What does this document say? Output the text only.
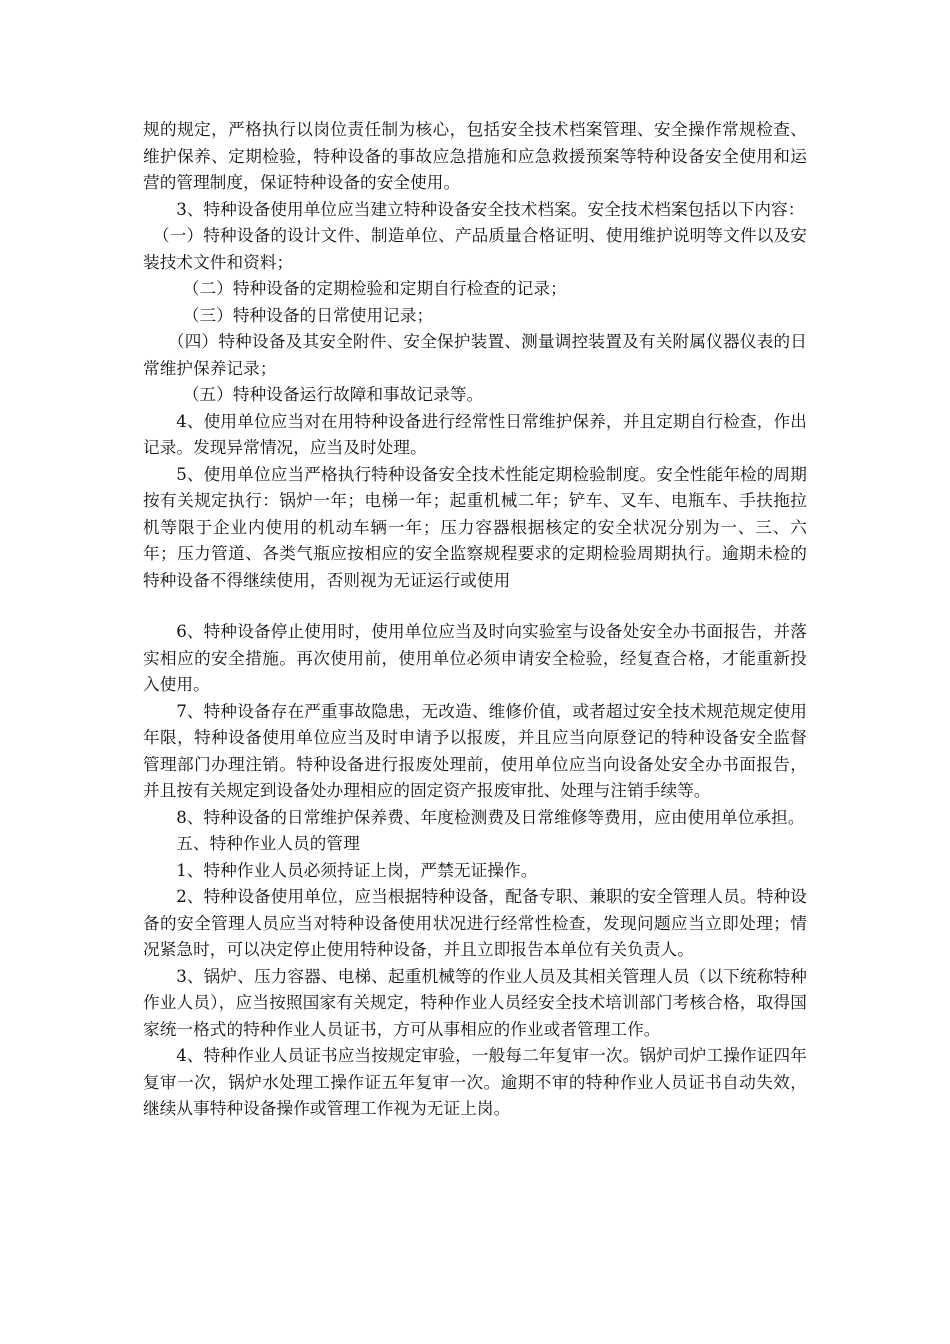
规的规定，严格执行以岗位责任制为核心，包括安全技术档案管理、安全操作常规检查、维护保养、定期检验，特种设备的事故应急措施和应急救援预案等特种设备安全使用和运营的管理制度，保证特种设备的安全使用。

3、特种设备使用单位应当建立特种设备安全技术档案。安全技术档案包括以下内容：

（一）特种设备的设计文件、制造单位、产品质量合格证明、使用维护说明等文件以及安装技术文件和资料；

（二）特种设备的定期检验和定期自行检查的记录；

（三）特种设备的日常使用记录；

（四）特种设备及其安全附件、安全保护装置、测量调控装置及有关附属仪器仪表的日常维护保养记录；

（五）特种设备运行故障和事故记录等。

4、使用单位应当对在用特种设备进行经常性日常维护保养，并且定期自行检查，作出记录。发现异常情况，应当及时处理。

5、使用单位应当严格执行特种设备安全技术性能定期检验制度。安全性能年检的周期按有关规定执行：锅炉一年；电梯一年；起重机械二年；铲车、叉车、电瓶车、手扶拖拉机等限于企业内使用的机动车辆一年；压力容器根据核定的安全状况分别为一、三、六年；压力管道、各类气瓶应按相应的安全监察规程要求的定期检验周期执行。逾期未检的特种设备不得继续使用，否则视为无证运行或使用

6、特种设备停止使用时，使用单位应当及时向实验室与设备处安全办书面报告，并落实相应的安全措施。再次使用前，使用单位必须申请安全检验，经复查合格，才能重新投入使用。

7、特种设备存在严重事故隐患，无改造、维修价值，或者超过安全技术规范规定使用年限，特种设备使用单位应当及时申请予以报废，并且应当向原登记的特种设备安全监督管理部门办理注销。特种设备进行报废处理前，使用单位应当向设备处安全办书面报告，并且按有关规定到设备处办理相应的固定资产报废审批、处理与注销手续等。

8、特种设备的日常维护保养费、年度检测费及日常维修等费用，应由使用单位承担。

五、特种作业人员的管理

1、特种作业人员必须持证上岗，严禁无证操作。

2、特种设备使用单位，应当根据特种设备，配备专职、兼职的安全管理人员。特种设备的安全管理人员应当对特种设备使用状况进行经常性检查，发现问题应当立即处理；情况紧急时，可以决定停止使用特种设备，并且立即报告本单位有关负责人。

3、锅炉、压力容器、电梯、起重机械等的作业人员及其相关管理人员（以下统称特种作业人员），应当按照国家有关规定，特种作业人员经安全技术培训部门考核合格，取得国家统一格式的特种作业人员证书，方可从事相应的作业或者管理工作。

4、特种作业人员证书应当按规定审验，一般每二年复审一次。锅炉司炉工操作证四年复审一次，锅炉水处理工操作证五年复审一次。逾期不审的特种作业人员证书自动失效，继续从事特种设备操作或管理工作视为无证上岗。
